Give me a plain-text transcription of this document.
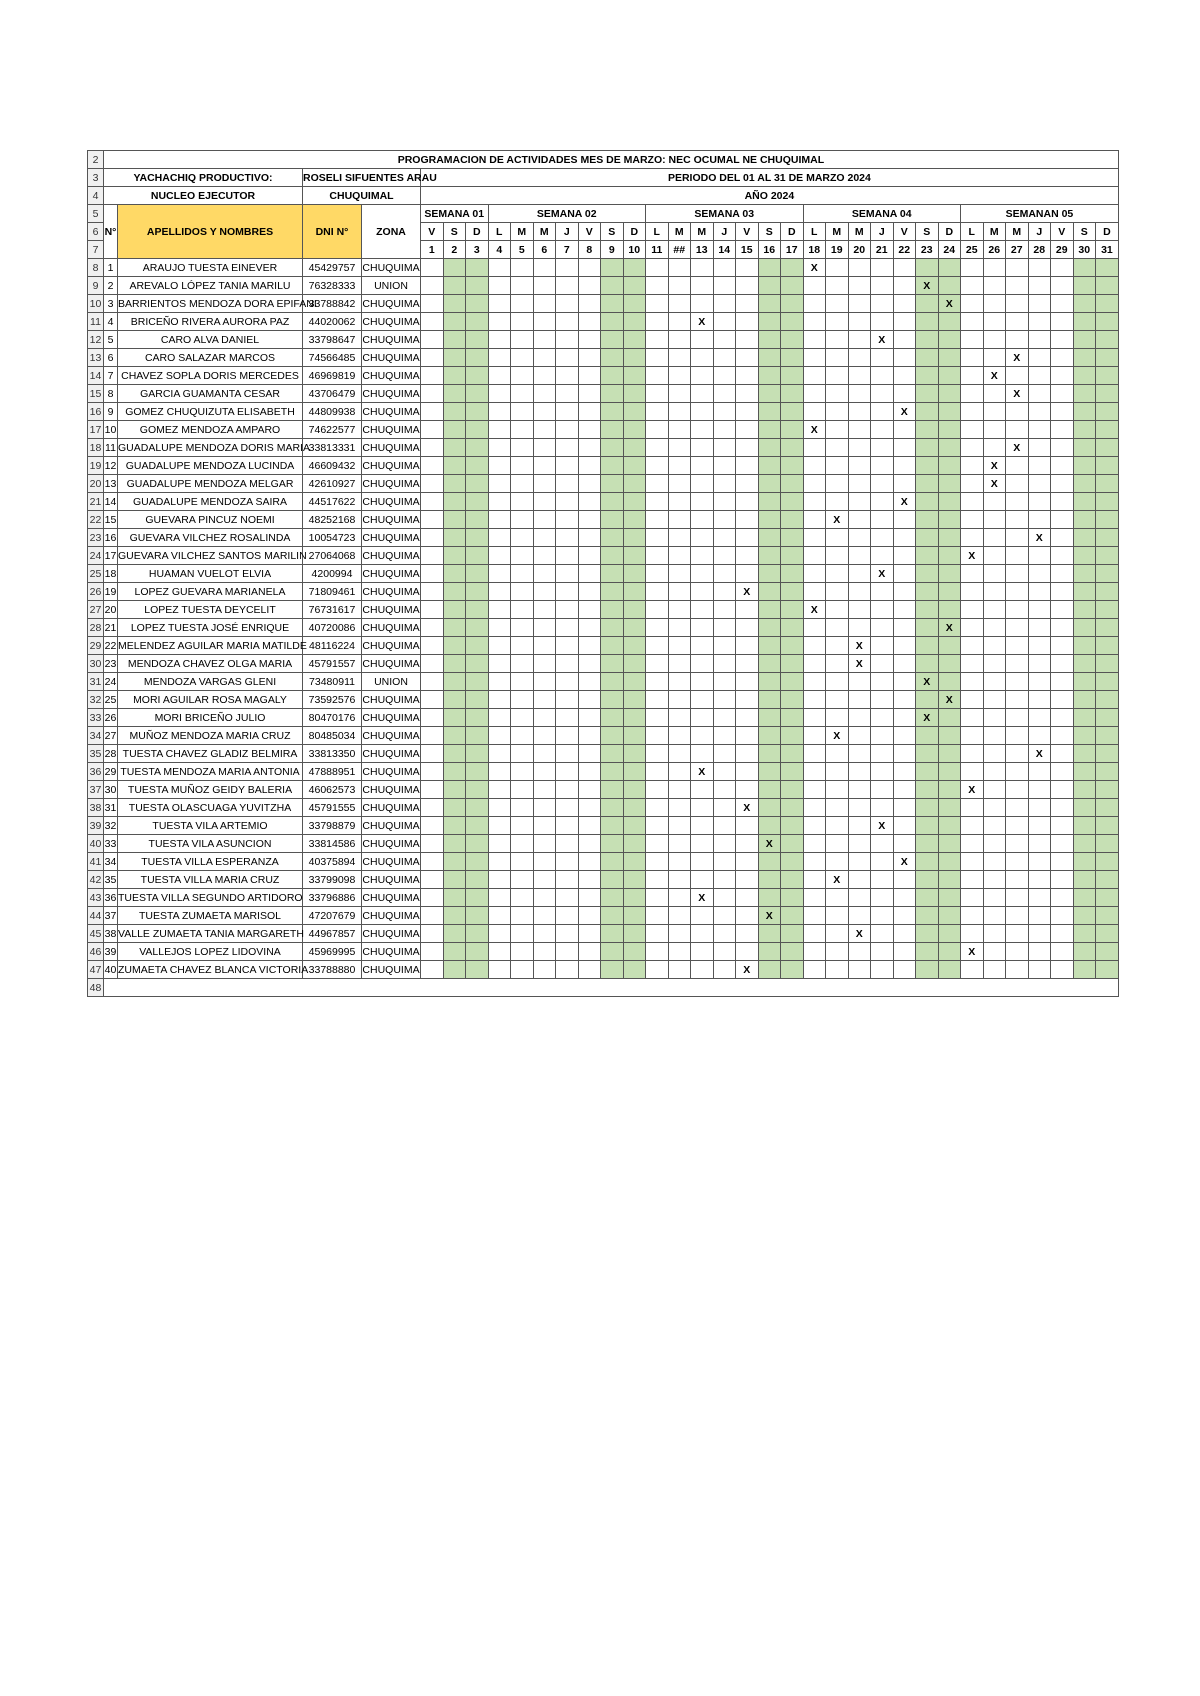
2	PROGRAMACION DE ACTIVIDADES MES DE MARZO: NEC OCUMAL NE CHUQUIMAL																																		
3	YACHACHIQ PRODUCTIVO:		ROSELI SIFUENTES ARAU		PERIODO DEL 01 AL 31 DE MARZO 2024																														
4	NUCLEO EJECUTOR		CHUQUIMAL		AÑO 2024																														
5	N°	APELLIDOS Y NOMBRES	DNI N°	ZONA	SEMANA 01			SEMANA 02							SEMANA 03							SEMANA 04							SEMANAN 05						
6					V	S	D	L	M	M	J	V	S	D	L	M	M	J	V	S	D	L	M	M	J	V	S	D	L	M	M	J	V	S	D
7					1	2	3	4	5	6	7	8	9	10	11	##	13	14	15	16	17	18	19	20	21	22	23	24	25	26	27	28	29	30	31
8	1	ARAUJO TUESTA EINEVER	45429757	CHUQUIMA																		X													
9	2	AREVALO LÓPEZ TANIA MARILU	76328333	UNION																							X								
10	3	BARRIENTOS MENDOZA DORA EPIFANI	33788842	CHUQUIMA																								X							
11	4	BRICEÑO RIVERA AURORA PAZ	44020062	CHUQUIMA													X																		
12	5	CARO ALVA DANIEL	33798647	CHUQUIMA																					X										
13	6	CARO SALAZAR MARCOS	74566485	CHUQUIMA																											X				
14	7	CHAVEZ SOPLA DORIS MERCEDES	46969819	CHUQUIMA																										X					
15	8	GARCIA GUAMANTA CESAR	43706479	CHUQUIMA																											X				
16	9	GOMEZ CHUQUIZUTA ELISABETH	44809938	CHUQUIMA																						X									
17	10	GOMEZ MENDOZA AMPARO	74622577	CHUQUIMA																		X													
18	11	GUADALUPE MENDOZA DORIS MARIA	33813331	CHUQUIMA																											X				
19	12	GUADALUPE MENDOZA LUCINDA	46609432	CHUQUIMA																										X					
20	13	GUADALUPE MENDOZA MELGAR	42610927	CHUQUIMA																										X					
21	14	GUADALUPE MENDOZA SAIRA	44517622	CHUQUIMA																						X									
22	15	GUEVARA PINCUZ NOEMI	48252168	CHUQUIMA																			X												
23	16	GUEVARA VILCHEZ ROSALINDA	10054723	CHUQUIMA																												X			
24	17	GUEVARA VILCHEZ SANTOS MARILIN	27064068	CHUQUIMA																									X						
25	18	HUAMAN VUELOT ELVIA	4200994	CHUQUIMA																					X										
26	19	LOPEZ GUEVARA MARIANELA	71809461	CHUQUIMA															X																
27	20	LOPEZ TUESTA DEYCELIT	76731617	CHUQUIMA																		X													
28	21	LOPEZ TUESTA JOSÉ ENRIQUE	40720086	CHUQUIMA																								X							
29	22	MELENDEZ AGUILAR MARIA MATILDE	48116224	CHUQUIMA																				X											
30	23	MENDOZA CHAVEZ OLGA MARIA	45791557	CHUQUIMA																				X											
31	24	MENDOZA VARGAS GLENI	73480911	UNION																							X								
32	25	MORI AGUILAR ROSA MAGALY	73592576	CHUQUIMA																								X							
33	26	MORI BRICEÑO JULIO	80470176	CHUQUIMA																							X								
34	27	MUÑOZ MENDOZA MARIA CRUZ	80485034	CHUQUIMA																			X												
35	28	TUESTA CHAVEZ GLADIZ BELMIRA	33813350	CHUQUIMA																												X			
36	29	TUESTA MENDOZA MARIA ANTONIA	47888951	CHUQUIMA													X																		
37	30	TUESTA MUÑOZ GEIDY BALERIA	46062573	CHUQUIMA																									X						
38	31	TUESTA OLASCUAGA YUVITZHA	45791555	CHUQUIMA															X																
39	32	TUESTA VILA ARTEMIO	33798879	CHUQUIMA																					X										
40	33	TUESTA VILA ASUNCION	33814586	CHUQUIMA																X															
41	34	TUESTA VILLA ESPERANZA	40375894	CHUQUIMA																						X									
42	35	TUESTA VILLA MARIA CRUZ	33799098	CHUQUIMA																			X												
43	36	TUESTA VILLA SEGUNDO ARTIDORO	33796886	CHUQUIMA													X																		
44	37	TUESTA ZUMAETA MARISOL	47207679	CHUQUIMA																X															
45	38	VALLE ZUMAETA TANIA MARGARETH	44967857	CHUQUIMA																				X											
46	39	VALLEJOS LOPEZ LIDOVINA	45969995	CHUQUIMA																									X						
47	40	ZUMAETA CHAVEZ BLANCA VICTORIA	33788880	CHUQUIMA															X																
48																																			
